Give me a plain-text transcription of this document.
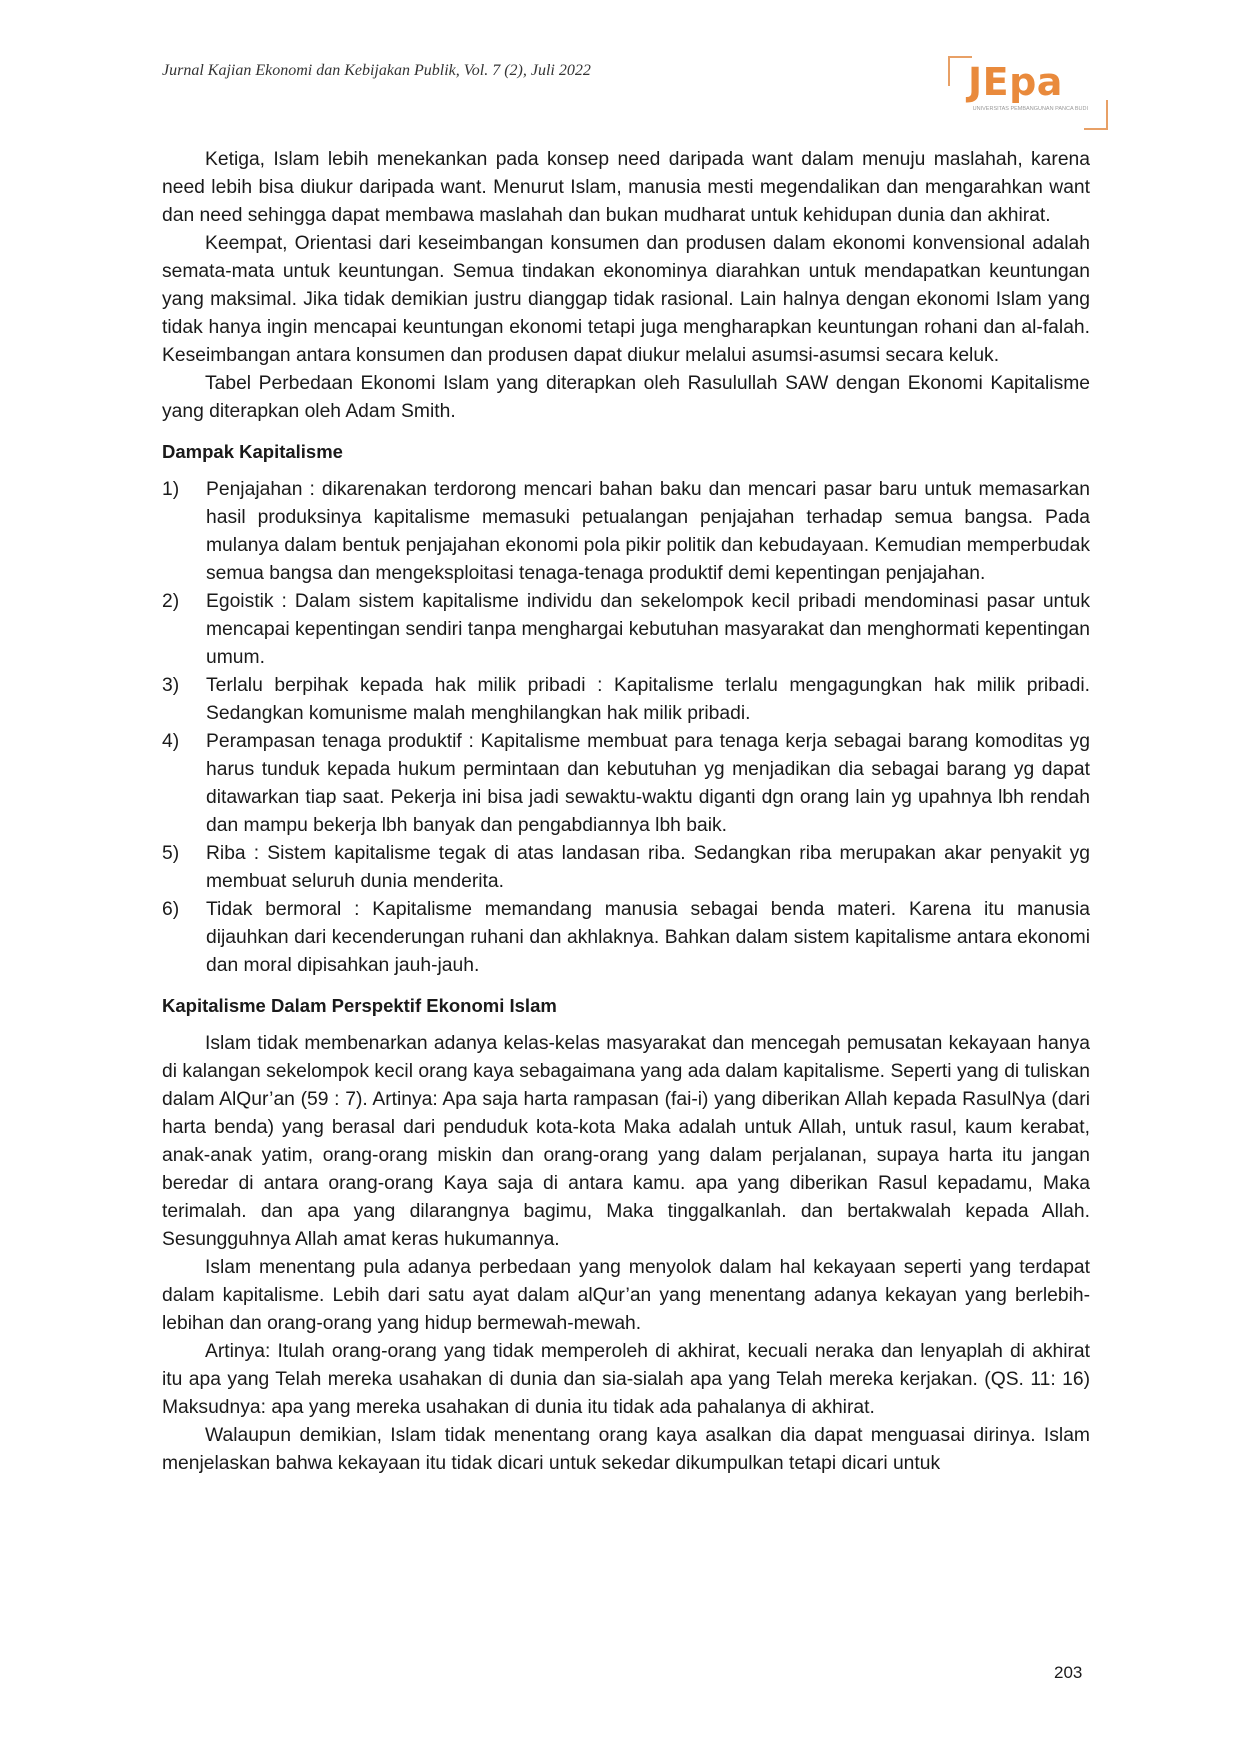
Jurnal Kajian Ekonomi dan Kebijakan Publik, Vol. 7 (2), Juli 2022	JEpa
UNIVERSITAS PEMBANGUNAN PANCA BUDI

Ketiga, Islam lebih menekankan pada konsep need daripada want dalam menuju maslahah, karena need lebih bisa diukur daripada want. Menurut Islam, manusia mesti megendalikan dan mengarahkan want dan need sehingga dapat membawa maslahah dan bukan mudharat untuk kehidupan dunia dan akhirat.

Keempat, Orientasi dari keseimbangan konsumen dan produsen dalam ekonomi konvensional adalah semata-mata untuk keuntungan. Semua tindakan ekonominya diarahkan untuk mendapatkan keuntungan yang maksimal. Jika tidak demikian justru dianggap tidak rasional. Lain halnya dengan ekonomi Islam yang tidak hanya ingin mencapai keuntungan ekonomi tetapi juga mengharapkan keuntungan rohani dan al-falah. Keseimbangan antara konsumen dan produsen dapat diukur melalui asumsi-asumsi secara keluk.

Tabel Perbedaan Ekonomi Islam yang diterapkan oleh Rasulullah SAW dengan Ekonomi Kapitalisme yang diterapkan oleh Adam Smith.

Dampak Kapitalisme
1) Penjajahan : dikarenakan terdorong mencari bahan baku dan mencari pasar baru untuk memasarkan hasil produksinya kapitalisme memasuki petualangan penjajahan terhadap semua bangsa. Pada mulanya dalam bentuk penjajahan ekonomi pola pikir politik dan kebudayaan. Kemudian memperbudak semua bangsa dan mengeksploitasi tenaga-tenaga produktif demi kepentingan penjajahan.
2) Egoistik : Dalam sistem kapitalisme individu dan sekelompok kecil pribadi mendominasi pasar untuk mencapai kepentingan sendiri tanpa menghargai kebutuhan masyarakat dan menghormati kepentingan umum.
3) Terlalu berpihak kepada hak milik pribadi : Kapitalisme terlalu mengagungkan hak milik pribadi. Sedangkan komunisme malah menghilangkan hak milik pribadi.
4) Perampasan tenaga produktif : Kapitalisme membuat para tenaga kerja sebagai barang komoditas yg harus tunduk kepada hukum permintaan dan kebutuhan yg menjadikan dia sebagai barang yg dapat ditawarkan tiap saat. Pekerja ini bisa jadi sewaktu-waktu diganti dgn orang lain yg upahnya lbh rendah dan mampu bekerja lbh banyak dan pengabdiannya lbh baik.
5) Riba : Sistem kapitalisme tegak di atas landasan riba. Sedangkan riba merupakan akar penyakit yg membuat seluruh dunia menderita.
6) Tidak bermoral : Kapitalisme memandang manusia sebagai benda materi. Karena itu manusia dijauhkan dari kecenderungan ruhani dan akhlaknya. Bahkan dalam sistem kapitalisme antara ekonomi dan moral dipisahkan jauh-jauh.
Kapitalisme Dalam Perspektif Ekonomi Islam

Islam tidak membenarkan adanya kelas-kelas masyarakat dan mencegah pemusatan kekayaan hanya di kalangan sekelompok kecil orang kaya sebagaimana yang ada dalam kapitalisme. Seperti yang di tuliskan dalam AlQur’an (59 : 7). Artinya: Apa saja harta rampasan (fai-i) yang diberikan Allah kepada RasulNya (dari harta benda) yang berasal dari penduduk kota-kota Maka adalah untuk Allah, untuk rasul, kaum kerabat, anak-anak yatim, orang-orang miskin dan orang-orang yang dalam perjalanan, supaya harta itu jangan beredar di antara orang-orang Kaya saja di antara kamu. apa yang diberikan Rasul kepadamu, Maka terimalah. dan apa yang dilarangnya bagimu, Maka tinggalkanlah. dan bertakwalah kepada Allah. Sesungguhnya Allah amat keras hukumannya.

Islam menentang pula adanya perbedaan yang menyolok dalam hal kekayaan seperti yang terdapat dalam kapitalisme. Lebih dari satu ayat dalam alQur’an yang menentang adanya kekayan yang berlebih-lebihan dan orang-orang yang hidup bermewah-mewah.

Artinya: Itulah orang-orang yang tidak memperoleh di akhirat, kecuali neraka dan lenyaplah di akhirat itu apa yang Telah mereka usahakan di dunia dan sia-sialah apa yang Telah mereka kerjakan. (QS. 11: 16) Maksudnya: apa yang mereka usahakan di dunia itu tidak ada pahalanya di akhirat.

Walaupun demikian, Islam tidak menentang orang kaya asalkan dia dapat menguasai dirinya. Islam menjelaskan bahwa kekayaan itu tidak dicari untuk sekedar dikumpulkan tetapi dicari untuk

203
